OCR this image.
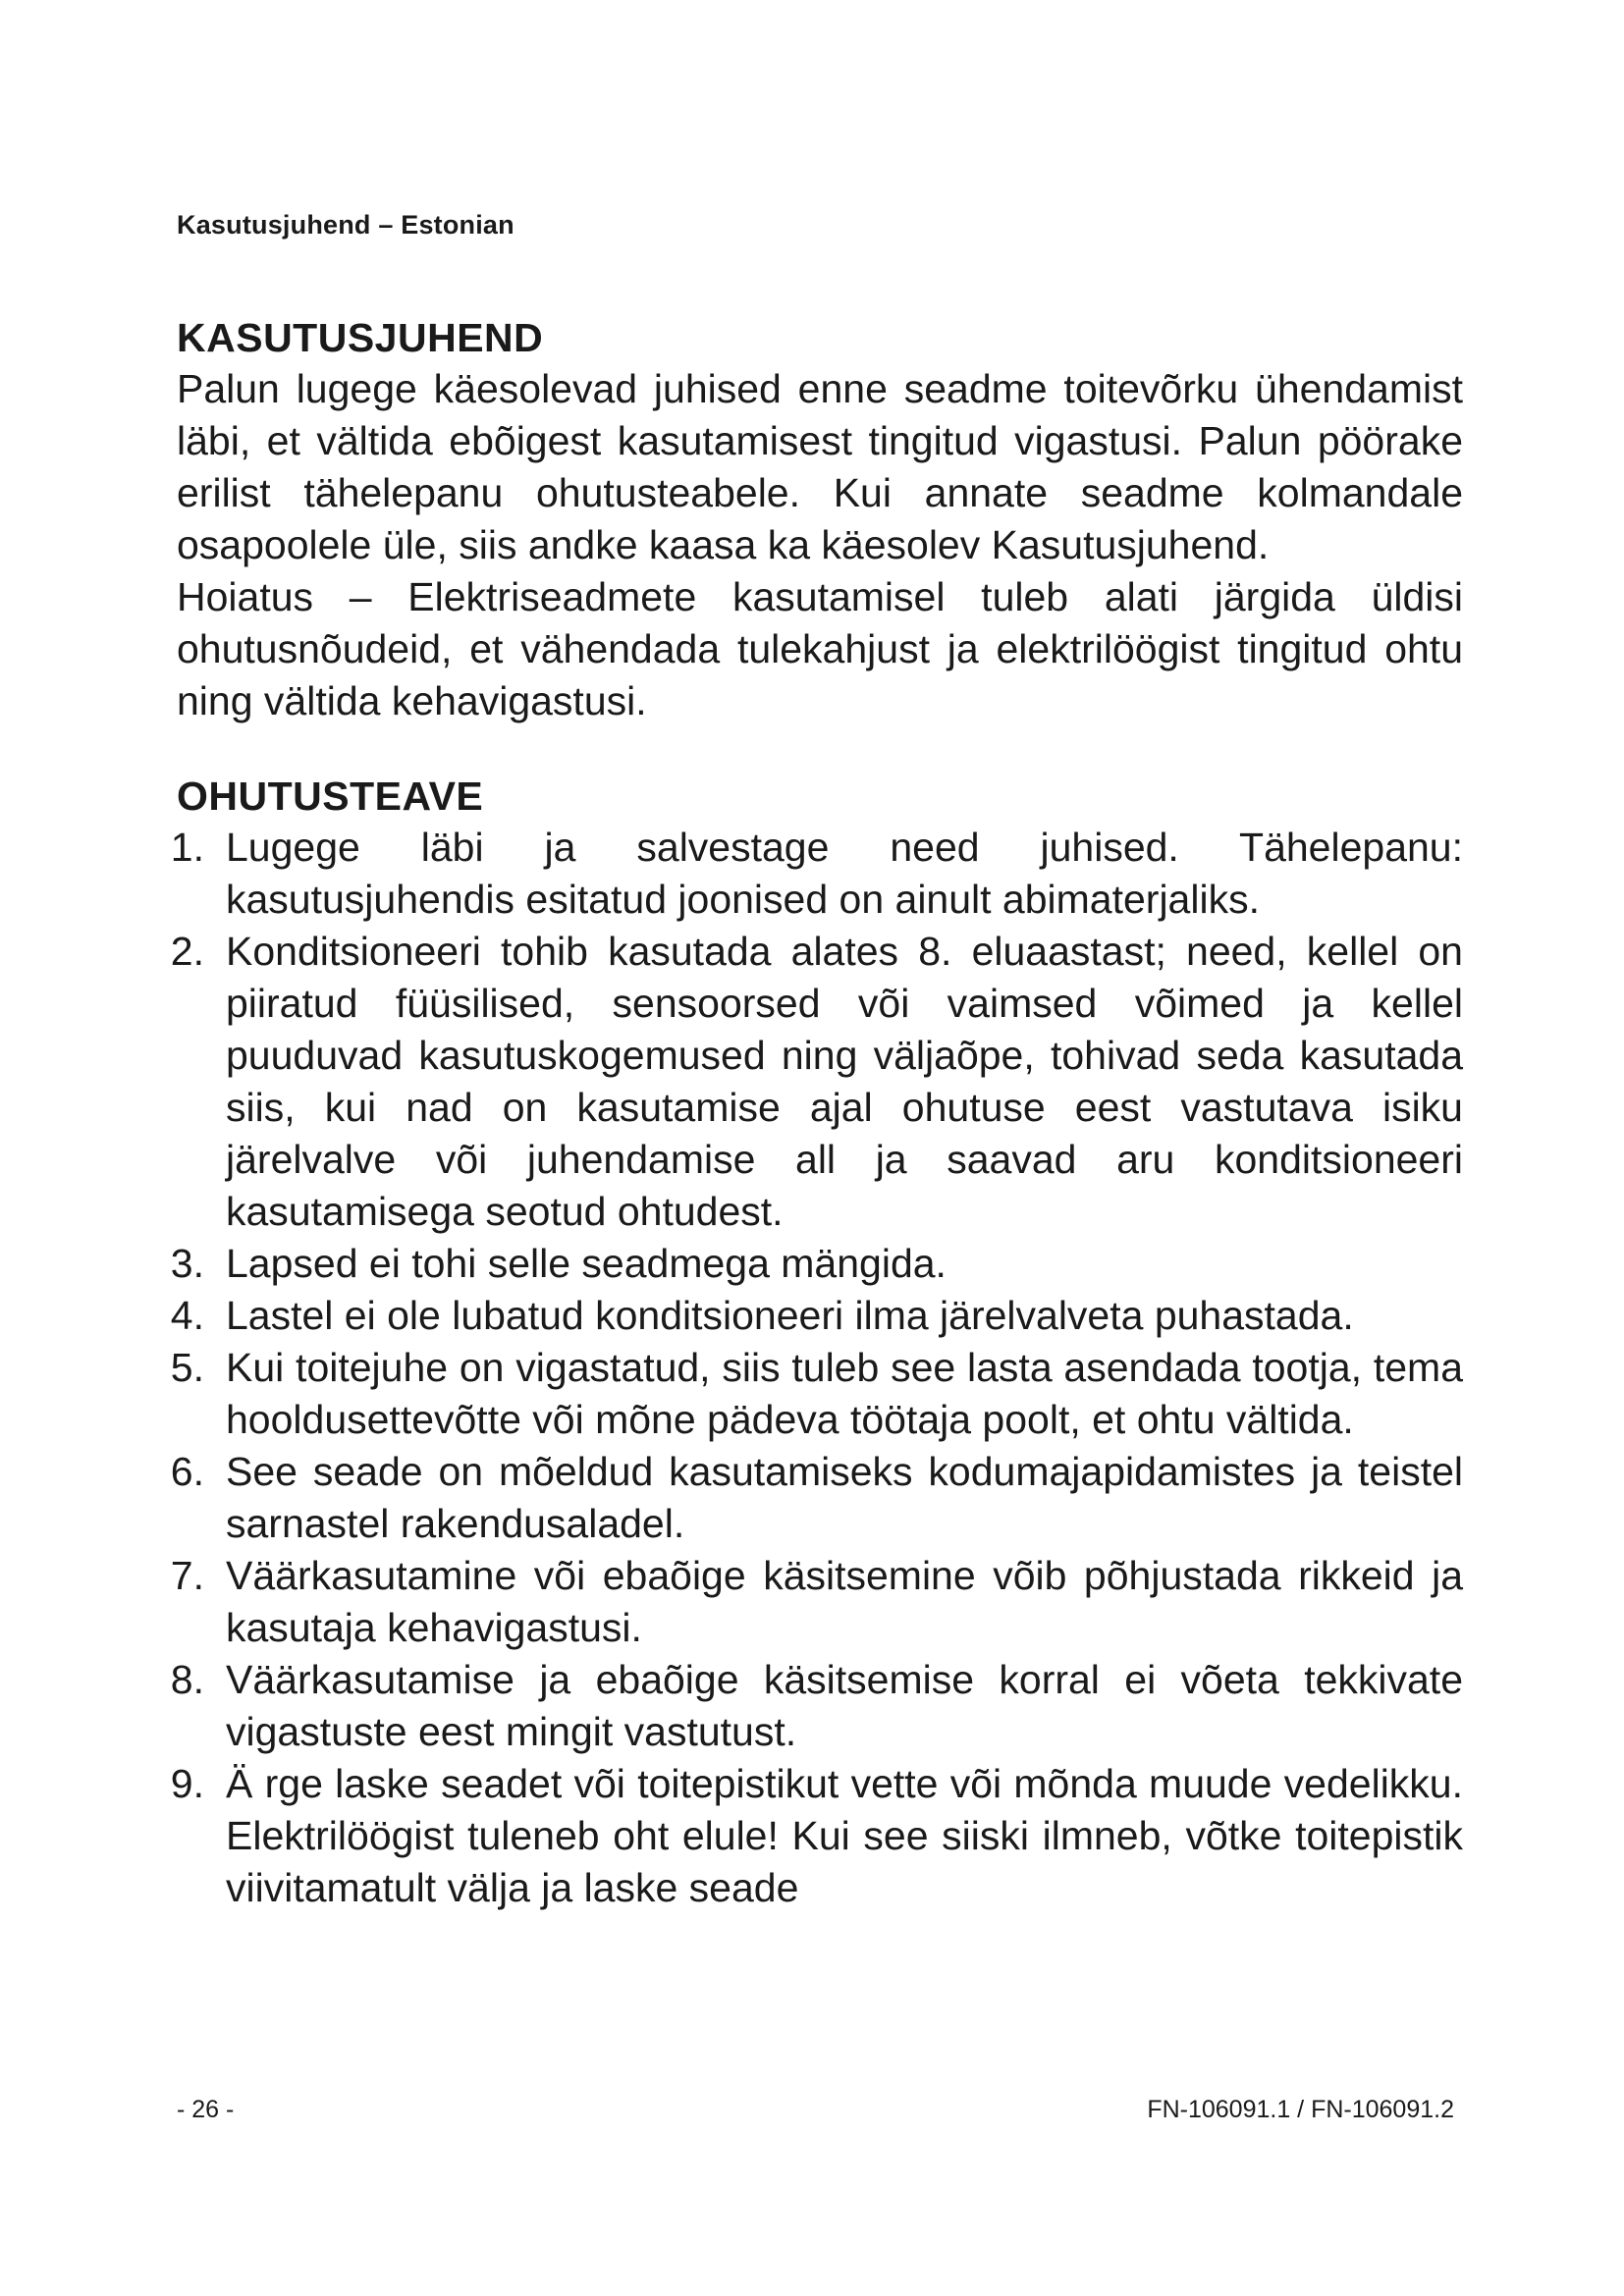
Kasutusjuhend – Estonian
KASUTUSJUHEND

Palun lugege käesolevad juhised enne seadme toitevõrku ühendamist läbi, et vältida ebõigest kasutamisest tingitud vigastusi. Palun pöörake erilist tähelepanu ohutusteabele. Kui annate seadme kolmandale osapoolele üle, siis andke kaasa ka käesolev Kasutusjuhend.

Hoiatus – Elektriseadmete kasutamisel tuleb alati järgida üldisi ohutusnõudeid, et vähendada tulekahjust ja elektrilöögist tingitud ohtu ning vältida kehavigastusi.

OHUTUSTEAVE
1. Lugege läbi ja salvestage need juhised. Tähelepanu: kasutusjuhendis esitatud joonised on ainult abimaterjaliks.
2. Konditsioneeri tohib kasutada alates 8. eluaastast; need, kellel on piiratud füüsilised, sensoorsed või vaimsed võimed ja kellel puuduvad kasutuskogemused ning väljaõpe, tohivad seda kasutada siis, kui nad on kasutamise ajal ohutuse eest vastutava isiku järelvalve või juhendamise all ja saavad aru konditsioneeri kasutamisega seotud ohtudest.
3. Lapsed ei tohi selle seadmega mängida.
4. Lastel ei ole lubatud konditsioneeri ilma järelvalveta puhastada.
5. Kui toitejuhe on vigastatud, siis tuleb see lasta asendada tootja, tema hooldusettevõtte või mõne pädeva töötaja poolt, et ohtu vältida.
6. See seade on mõeldud kasutamiseks kodumajapidamistes ja teistel sarnastel rakendusaladel.
7. Väärkasutamine või ebaõige käsitsemine võib põhjustada rikkeid ja kasutaja kehavigastusi.
8. Väärkasutamise ja ebaõige käsitsemise korral ei võeta tekkivate vigastuste eest mingit vastutust.
9. Ä rge laske seadet või toitepistikut vette või mõnda muude vedelikku. Elektrilöögist tuleneb oht elule! Kui see siiski ilmneb, võtke toitepistik viivitamatult välja ja laske seade
- 26 -	FN-106091.1 / FN-106091.2
